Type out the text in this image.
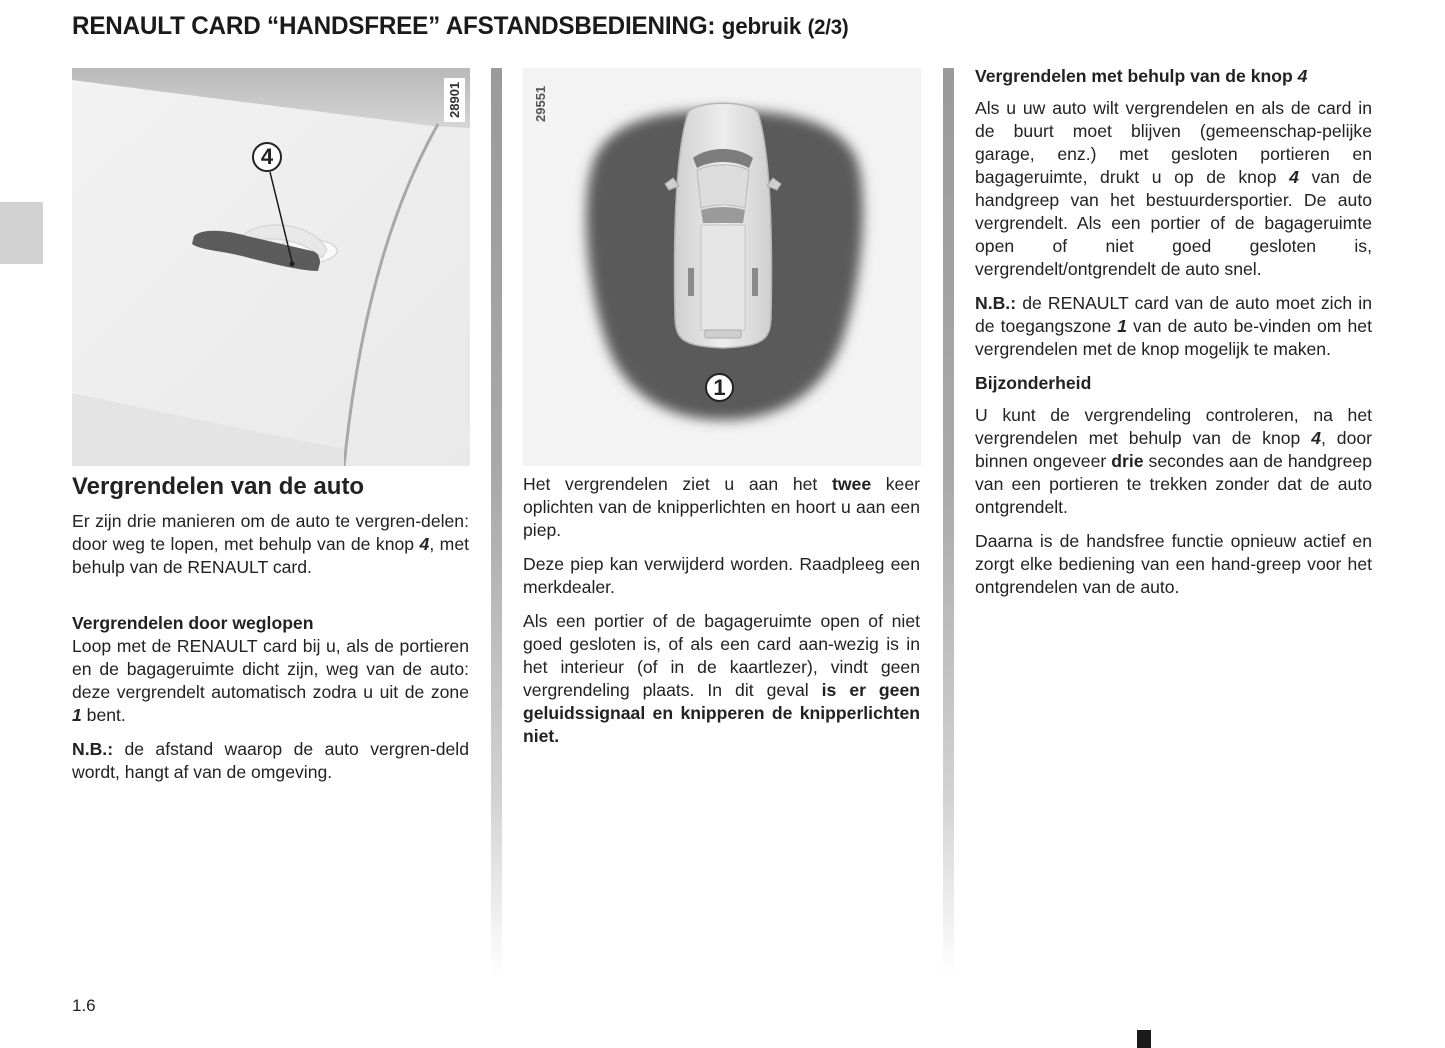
RENAULT CARD “HANDSFREE” AFSTANDSBEDIENING: gebruik (2/3)
4
28901
1
29551
Vergrendelen van de auto

Er zijn drie manieren om de auto te vergren-delen: door weg te lopen, met behulp van de knop 4, met behulp van de RENAULT card.

Vergrendelen door weglopen

Loop met de RENAULT card bij u, als de portieren en de bagageruimte dicht zijn, weg van de auto: deze vergrendelt automatisch zodra u uit de zone 1 bent.

N.B.: de afstand waarop de auto vergren-deld wordt, hangt af van de omgeving.

Het vergrendelen ziet u aan het twee keer oplichten van de knipperlichten en hoort u aan een piep.

Deze piep kan verwijderd worden. Raadpleeg een merkdealer.

Als een portier of de bagageruimte open of niet goed gesloten is, of als een card aan-wezig is in het interieur (of in de kaartlezer), vindt geen vergrendeling plaats. In dit geval is er geen geluidssignaal en knipperen de knipperlichten niet.

Vergrendelen met behulp van de knop 4

Als u uw auto wilt vergrendelen en als de card in de buurt moet blijven (gemeenschap-pelijke garage, enz.) met gesloten portieren en bagageruimte, drukt u op de knop 4 van de handgreep van het bestuurdersportier. De auto vergrendelt. Als een portier of de bagageruimte open of niet goed gesloten is, vergrendelt/ontgrendelt de auto snel.

N.B.: de RENAULT card van de auto moet zich in de toegangszone 1 van de auto be-vinden om het vergrendelen met de knop mogelijk te maken.

Bijzonderheid

U kunt de vergrendeling controleren, na het vergrendelen met behulp van de knop 4, door binnen ongeveer drie secondes aan de handgreep van een portieren te trekken zonder dat de auto ontgrendelt.

Daarna is de handsfree functie opnieuw actief en zorgt elke bediening van een hand-greep voor het ontgrendelen van de auto.

1.6
